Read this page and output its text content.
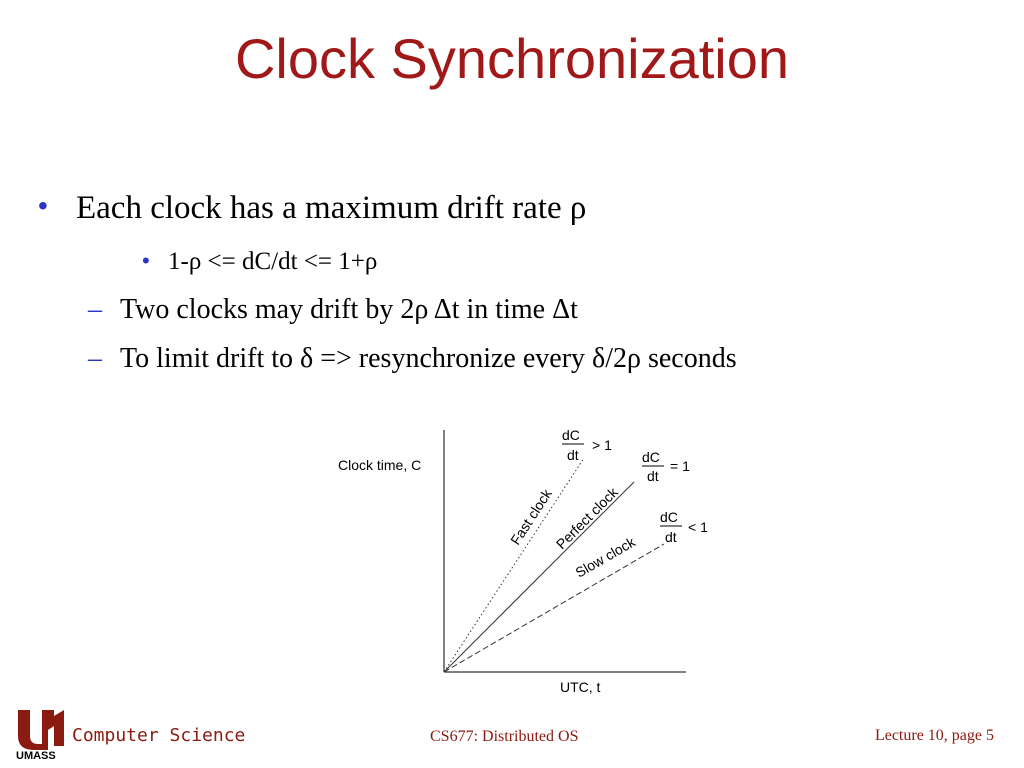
Clock Synchronization
• Each clock has a maximum drift rate ρ
• 1-ρ <= dC/dt <= 1+ρ
– Two clocks may drift by 2ρ Δt in time Δt
– To limit drift to δ => resynchronize every δ/2ρ seconds
Clock time, C
UTC, t
Fast clock
Perfect clock
Slow clock
dC
dt
> 1
dC
dt
= 1
dC
dt
< 1
UMASS
Computer Science	CS677: Distributed OS	Lecture 10, page 5
